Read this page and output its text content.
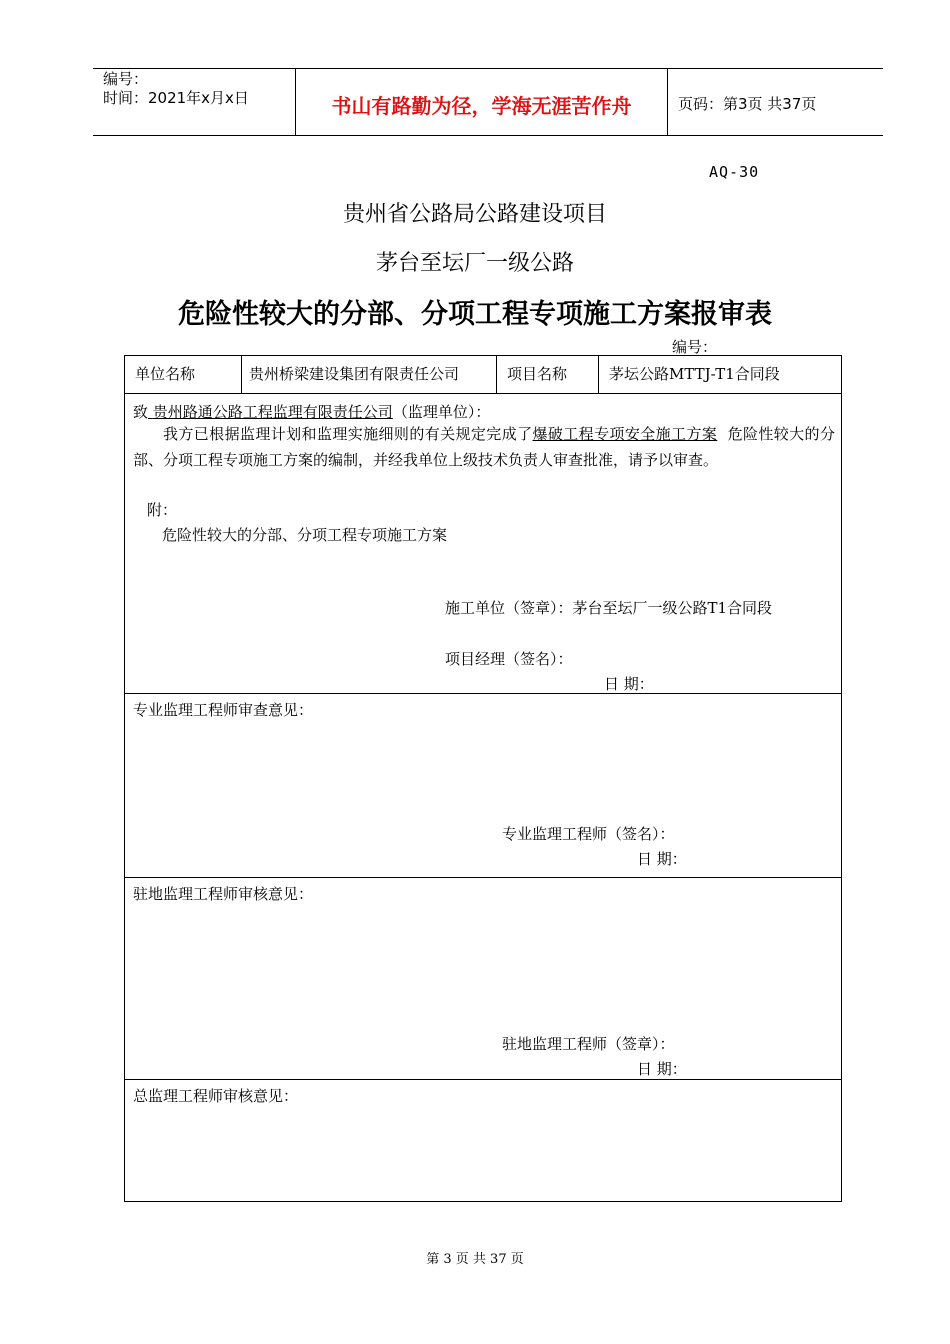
编号：
时间：2021年x月x日	书山有路勤为径，学海无涯苦作舟	页码：第3页 共37页
AQ-30
贵州省公路局公路建设项目
茅台至坛厂一级公路
危险性较大的分部、分项工程专项施工方案报审表
编号：
单位名称	贵州桥梁建设集团有限责任公司	项目名称	茅坛公路MTTJ-T1合同段
致 贵州路通公路工程监理有限责任公司（监理单位）：
我方已根据监理计划和监理实施细则的有关规定完成了爆破工程专项安全施工方案 危险性较大的分部、分项工程专项施工方案的编制，并经我单位上级技术负责人审查批准，请予以审查。
附：
危险性较大的分部、分项工程专项施工方案
施工单位（签章）：茅台至坛厂一级公路T1合同段
项目经理（签名）：
日 期：
专业监理工程师审查意见：
专业监理工程师（签名）：
日 期：
驻地监理工程师审核意见：
驻地监理工程师（签章）：
日 期：
总监理工程师审核意见：
第 3 页 共 37 页
